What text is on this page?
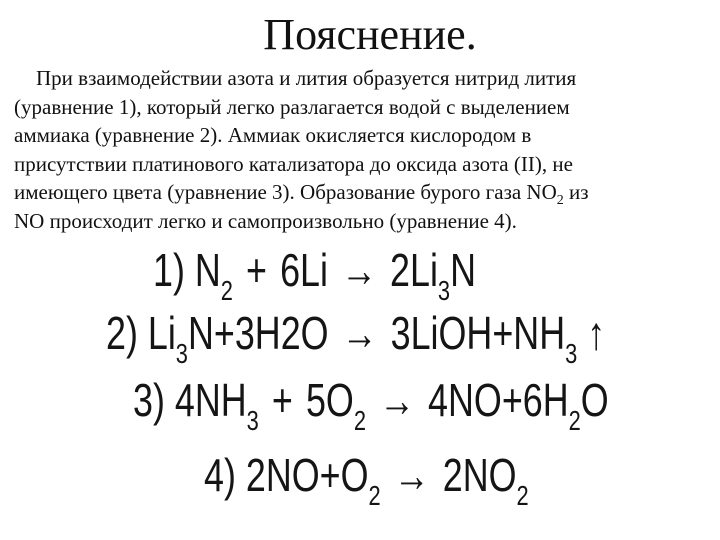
Пояснение.
При взаимодействии азота и лития образуется нитрид лития
(уравнение 1), который легко разлагается водой с выделением
аммиака (уравнение 2). Аммиак окисляется кислородом в
присутствии платинового катализатора до оксида азота (II), не
имеющего цвета (уравнение 3). Образование бурого газа $NO_2$ из
NO происходит легко и самопроизвольно (уравнение 4).
1) $N_2 + 6Li \to 2Li_3N$
2) $Li_3N+3H2O$ → $3LiOH+NH_3$ ↑
3) $4NH_3 + 5O_2 \to 4NO+6H_2O$
4) $2NO+O_2 \to 2NO_2$
